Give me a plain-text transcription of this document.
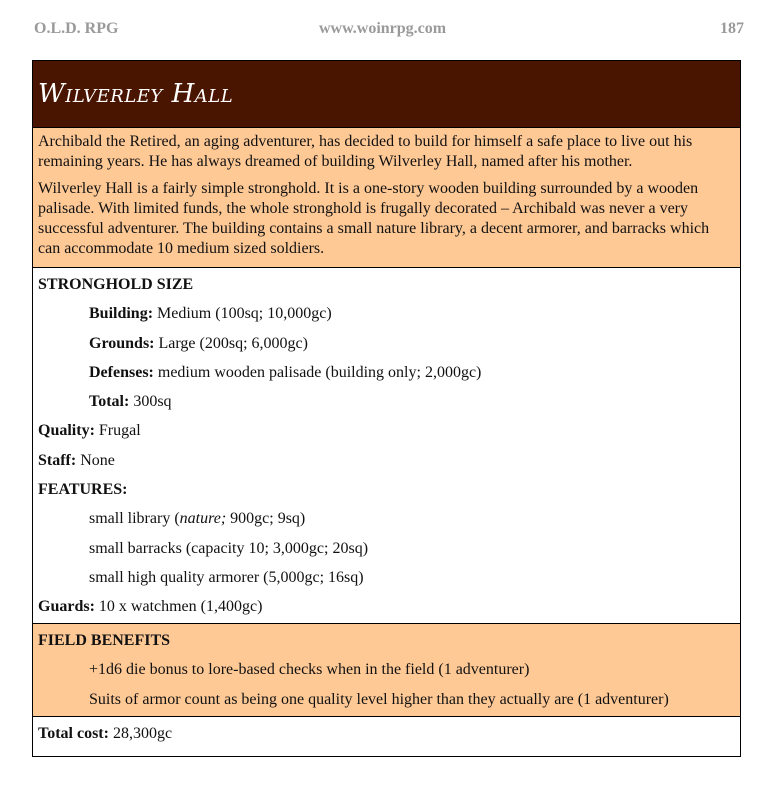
O.L.D. RPG	www.woinrpg.com	187
Wilverley Hall

Archibald the Retired, an aging adventurer, has decided to build for himself a safe place to live out his remaining years. He has always dreamed of building Wilverley Hall, named after his mother.

Wilverley Hall is a fairly simple stronghold. It is a one-story wooden building surrounded by a wooden palisade. With limited funds, the whole stronghold is frugally decorated – Archibald was never a very successful adventurer. The building contains a small nature library, a decent armorer, and barracks which can accommodate 10 medium sized soldiers.

STRONGHOLD SIZE
Building: Medium (100sq; 10,000gc)
Grounds: Large (200sq; 6,000gc)
Defenses: medium wooden palisade (building only; 2,000gc)
Total: 300sq
Quality: Frugal
Staff: None
FEATURES:
small library (nature; 900gc; 9sq)
small barracks (capacity 10; 3,000gc; 20sq)
small high quality armorer (5,000gc; 16sq)
Guards: 10 x watchmen (1,400gc)
FIELD BENEFITS
+1d6 die bonus to lore-based checks when in the field (1 adventurer)
Suits of armor count as being one quality level higher than they actually are (1 adventurer)
Total cost: 28,300gc
